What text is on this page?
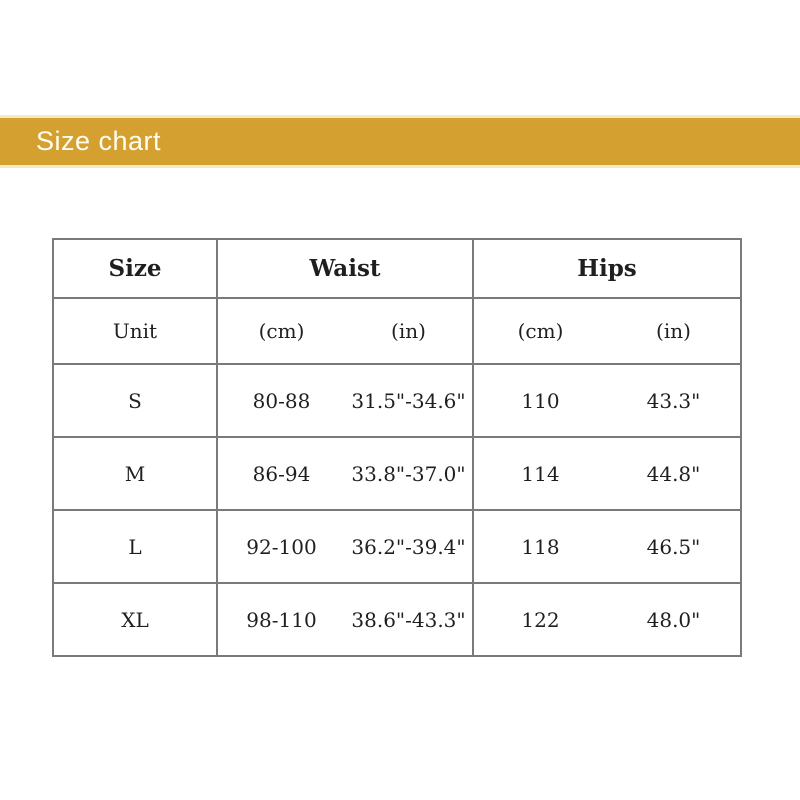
Size chart
Size	Waist	Hips
Unit	(cm) (in)	(cm) (in)

S	80-88 31.5"-34.6"	110 43.3"

M	86-94 33.8"-37.0"	114 44.8"

L	92-100 36.2"-39.4"	118 46.5"

XL	98-110 38.6"-43.3"	122 48.0"
